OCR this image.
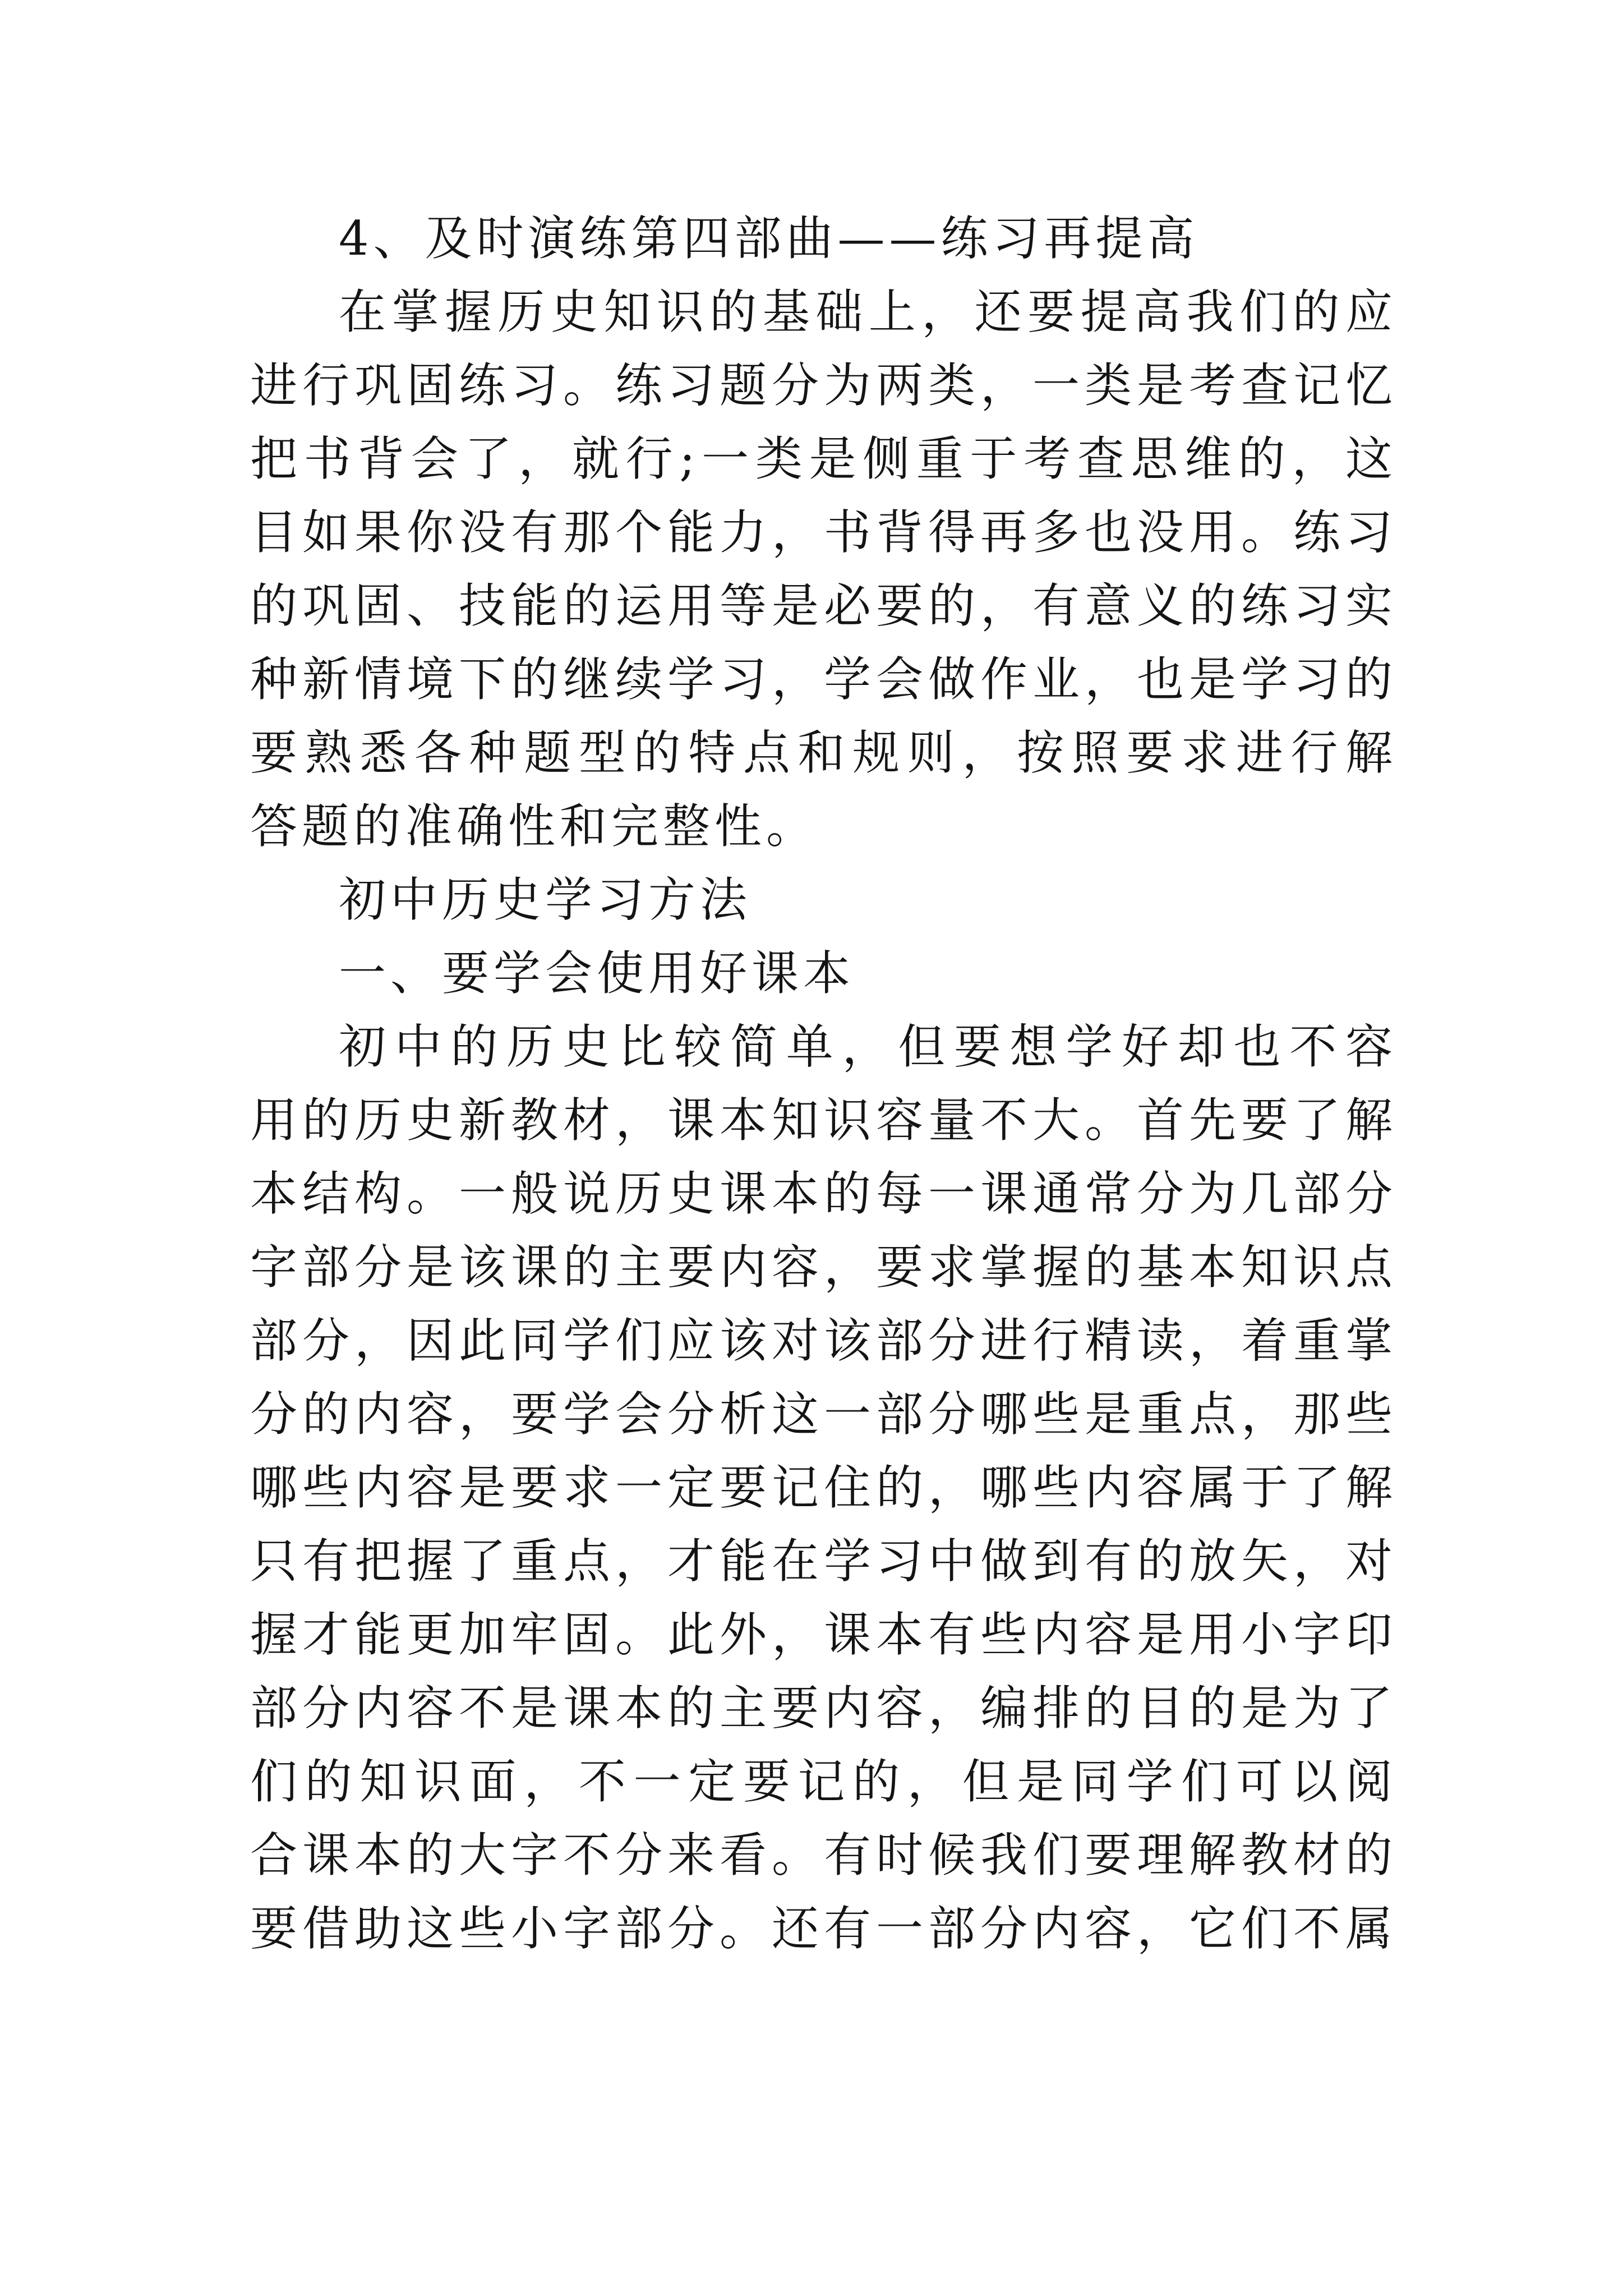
4、及时演练第四部曲——练习再提高
在掌握历史知识的基础上，还要提高我们的应
进行巩固练习。练习题分为两类，一类是考查记忆
把书背会了，就行;一类是侧重于考查思维的，这
目如果你没有那个能力，书背得再多也没用。练习
的巩固、技能的运用等是必要的，有意义的练习实
种新情境下的继续学习，学会做作业，也是学习的
要熟悉各种题型的特点和规则，按照要求进行解
答题的准确性和完整性。
初中历史学习方法
一、要学会使用好课本
初中的历史比较简单，但要想学好却也不容
用的历史新教材，课本知识容量不大。首先要了解
本结构。一般说历史课本的每一课通常分为几部分
字部分是该课的主要内容，要求掌握的基本知识点
部分，因此同学们应该对该部分进行精读，着重掌
分的内容，要学会分析这一部分哪些是重点，那些
哪些内容是要求一定要记住的，哪些内容属于了解
只有把握了重点，才能在学习中做到有的放矢，对
握才能更加牢固。此外，课本有些内容是用小字印
部分内容不是课本的主要内容，编排的目的是为了
们的知识面，不一定要记的，但是同学们可以阅
合课本的大字不分来看。有时候我们要理解教材的
要借助这些小字部分。还有一部分内容，它们不属
